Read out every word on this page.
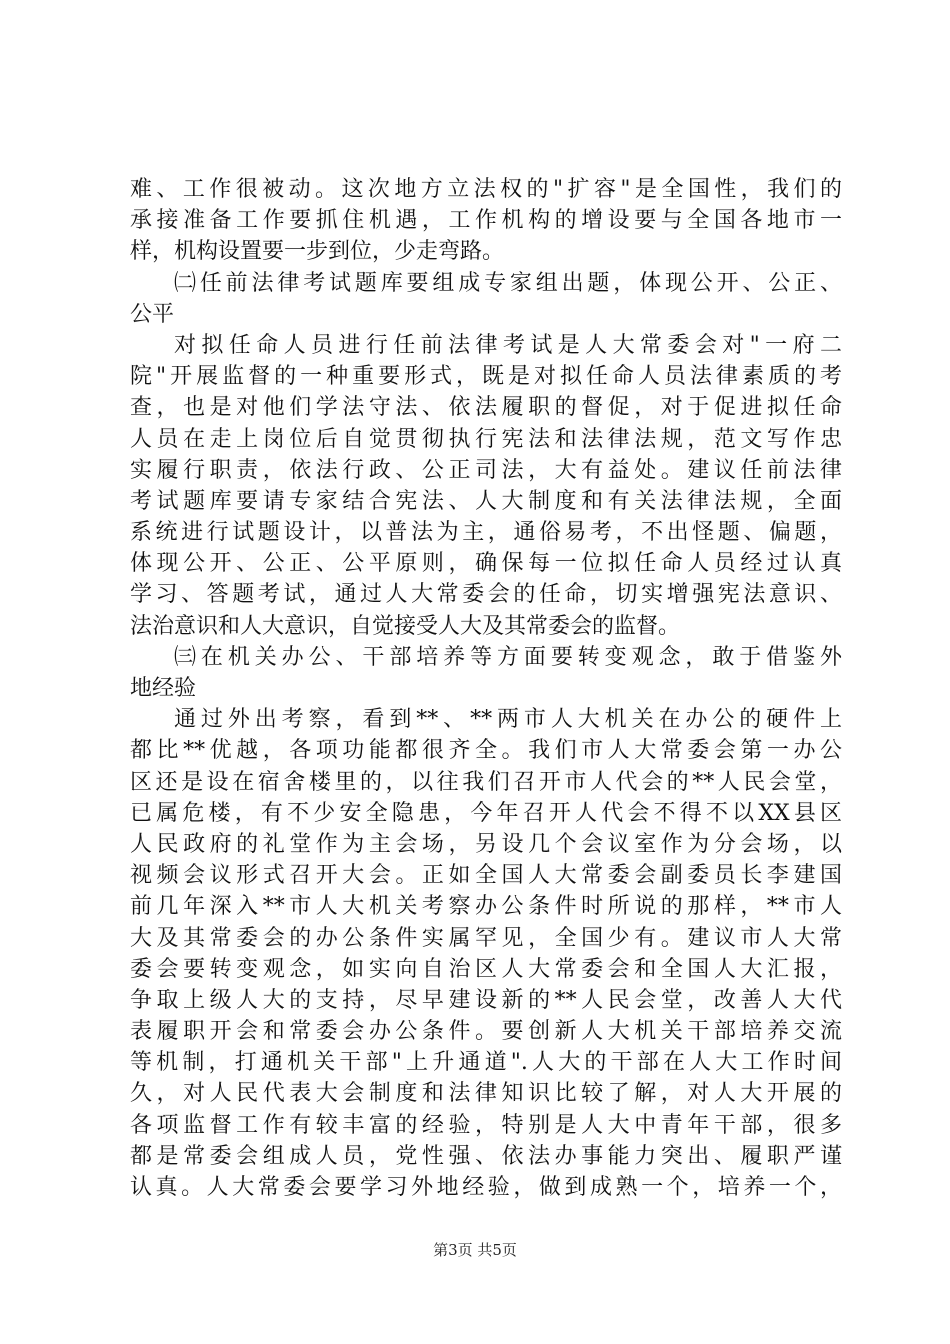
难、工作很被动。这次地方立法权的"扩容"是全国性，我们的
承接准备工作要抓住机遇，工作机构的增设要与全国各地市一
样，机构设置要一步到位，少走弯路。
㈡任前法律考试题库要组成专家组出题，体现公开、公正、
公平
对拟任命人员进行任前法律考试是人大常委会对"一府二
院"开展监督的一种重要形式，既是对拟任命人员法律素质的考
查，也是对他们学法守法、依法履职的督促，对于促进拟任命
人员在走上岗位后自觉贯彻执行宪法和法律法规，范文写作忠
实履行职责，依法行政、公正司法，大有益处。建议任前法律
考试题库要请专家结合宪法、人大制度和有关法律法规，全面
系统进行试题设计，以普法为主，通俗易考，不出怪题、偏题，
体现公开、公正、公平原则，确保每一位拟任命人员经过认真
学习、答题考试，通过人大常委会的任命，切实增强宪法意识、
法治意识和人大意识，自觉接受人大及其常委会的监督。
㈢在机关办公、干部培养等方面要转变观念，敢于借鉴外
地经验
通过外出考察，看到**、**两市人大机关在办公的硬件上
都比**优越，各项功能都很齐全。我们市人大常委会第一办公
区还是设在宿舍楼里的，以往我们召开市人代会的**人民会堂，
已属危楼，有不少安全隐患，今年召开人代会不得不以XX县区
人民政府的礼堂作为主会场，另设几个会议室作为分会场，以
视频会议形式召开大会。正如全国人大常委会副委员长李建国
前几年深入**市人大机关考察办公条件时所说的那样，**市人
大及其常委会的办公条件实属罕见，全国少有。建议市人大常
委会要转变观念，如实向自治区人大常委会和全国人大汇报，
争取上级人大的支持，尽早建设新的**人民会堂，改善人大代
表履职开会和常委会办公条件。要创新人大机关干部培养交流
等机制，打通机关干部"上升通道".人大的干部在人大工作时间
久，对人民代表大会制度和法律知识比较了解，对人大开展的
各项监督工作有较丰富的经验，特别是人大中青年干部，很多
都是常委会组成人员，党性强、依法办事能力突出、履职严谨
认真。人大常委会要学习外地经验，做到成熟一个，培养一个，
第3页 共5页
